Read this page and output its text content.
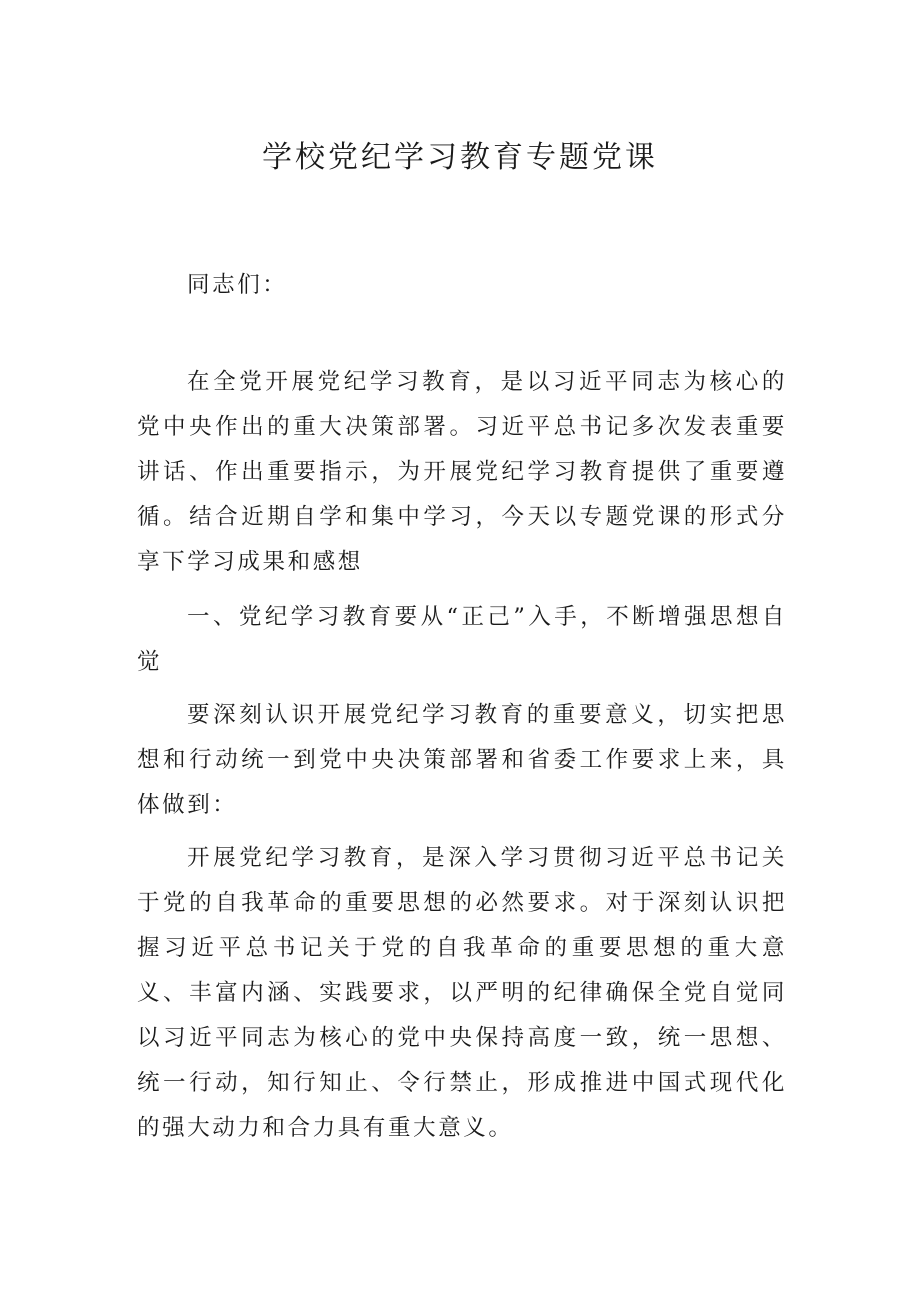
学校党纪学习教育专题党课

同志们：

在全党开展党纪学习教育，是以习近平同志为核心的党中央作出的重大决策部署。习近平总书记多次发表重要讲话、作出重要指示，为开展党纪学习教育提供了重要遵循。结合近期自学和集中学习，今天以专题党课的形式分享下学习成果和感想

一、党纪学习教育要从“正己”入手，不断增强思想自觉

要深刻认识开展党纪学习教育的重要意义，切实把思想和行动统一到党中央决策部署和省委工作要求上来，具体做到：

开展党纪学习教育，是深入学习贯彻习近平总书记关于党的自我革命的重要思想的必然要求。对于深刻认识把握习近平总书记关于党的自我革命的重要思想的重大意义、丰富内涵、实践要求，以严明的纪律确保全党自觉同以习近平同志为核心的党中央保持高度一致，统一思想、统一行动，知行知止、令行禁止，形成推进中国式现代化的强大动力和合力具有重大意义。
